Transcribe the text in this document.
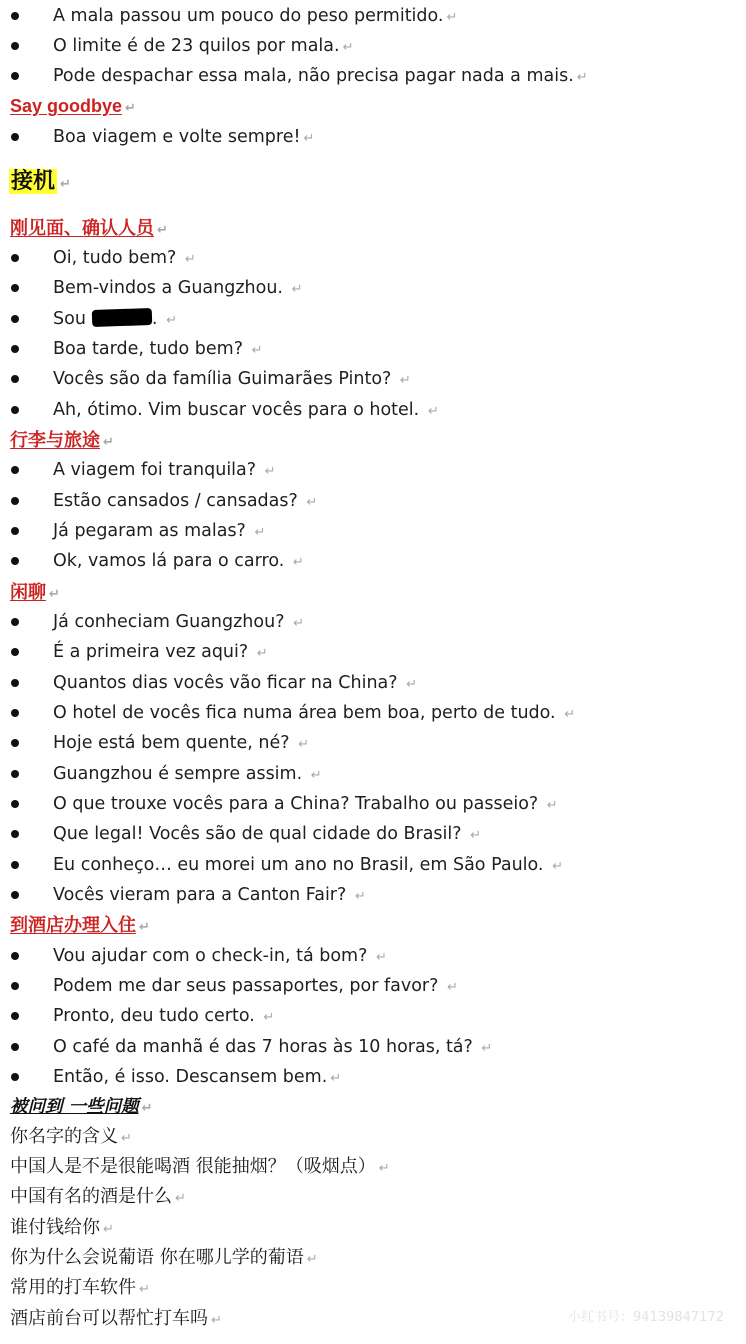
A mala passou um pouco do peso permitido. ↵
O limite é de 23 quilos por mala. ↵
Pode despachar essa mala, não precisa pagar nada a mais. ↵
Say goodbye ↵
Boa viagem e volte sempre! ↵
接机 ↵
刚见面、确认人员 ↵
Oi, tudo bem? ↵
Bem-vindos a Guangzhou. ↵
Sou	. ↵
Boa tarde, tudo bem? ↵
Vocês são da família Guimarães Pinto? ↵
Ah, ótimo. Vim buscar vocês para o hotel. ↵
行李与旅途 ↵
A viagem foi tranquila? ↵
Estão cansados / cansadas? ↵
Já pegaram as malas? ↵
Ok, vamos lá para o carro. ↵
闲聊 ↵
Já conheciam Guangzhou? ↵
É a primeira vez aqui? ↵
Quantos dias vocês vão ficar na China? ↵
O hotel de vocês fica numa área bem boa, perto de tudo. ↵
Hoje está bem quente, né? ↵
Guangzhou é sempre assim. ↵
O que trouxe vocês para a China? Trabalho ou passeio? ↵
Que legal! Vocês são de qual cidade do Brasil? ↵
Eu conheço… eu morei um ano no Brasil, em São Paulo. ↵
Vocês vieram para a Canton Fair? ↵
到酒店办理入住 ↵
Vou ajudar com o check-in, tá bom? ↵
Podem me dar seus passaportes, por favor? ↵
Pronto, deu tudo certo. ↵
O café da manhã é das 7 horas às 10 horas, tá? ↵
Então, é isso. Descansem bem. ↵
被问到 一些问题 ↵
你名字的含义 ↵
中国人是不是很能喝酒 很能抽烟？（吸烟点） ↵
中国有名的酒是什么 ↵
谁付钱给你 ↵
你为什么会说葡语 你在哪儿学的葡语 ↵
常用的打车软件 ↵
酒店前台可以帮忙打车吗 ↵	小红书号：94139847172
